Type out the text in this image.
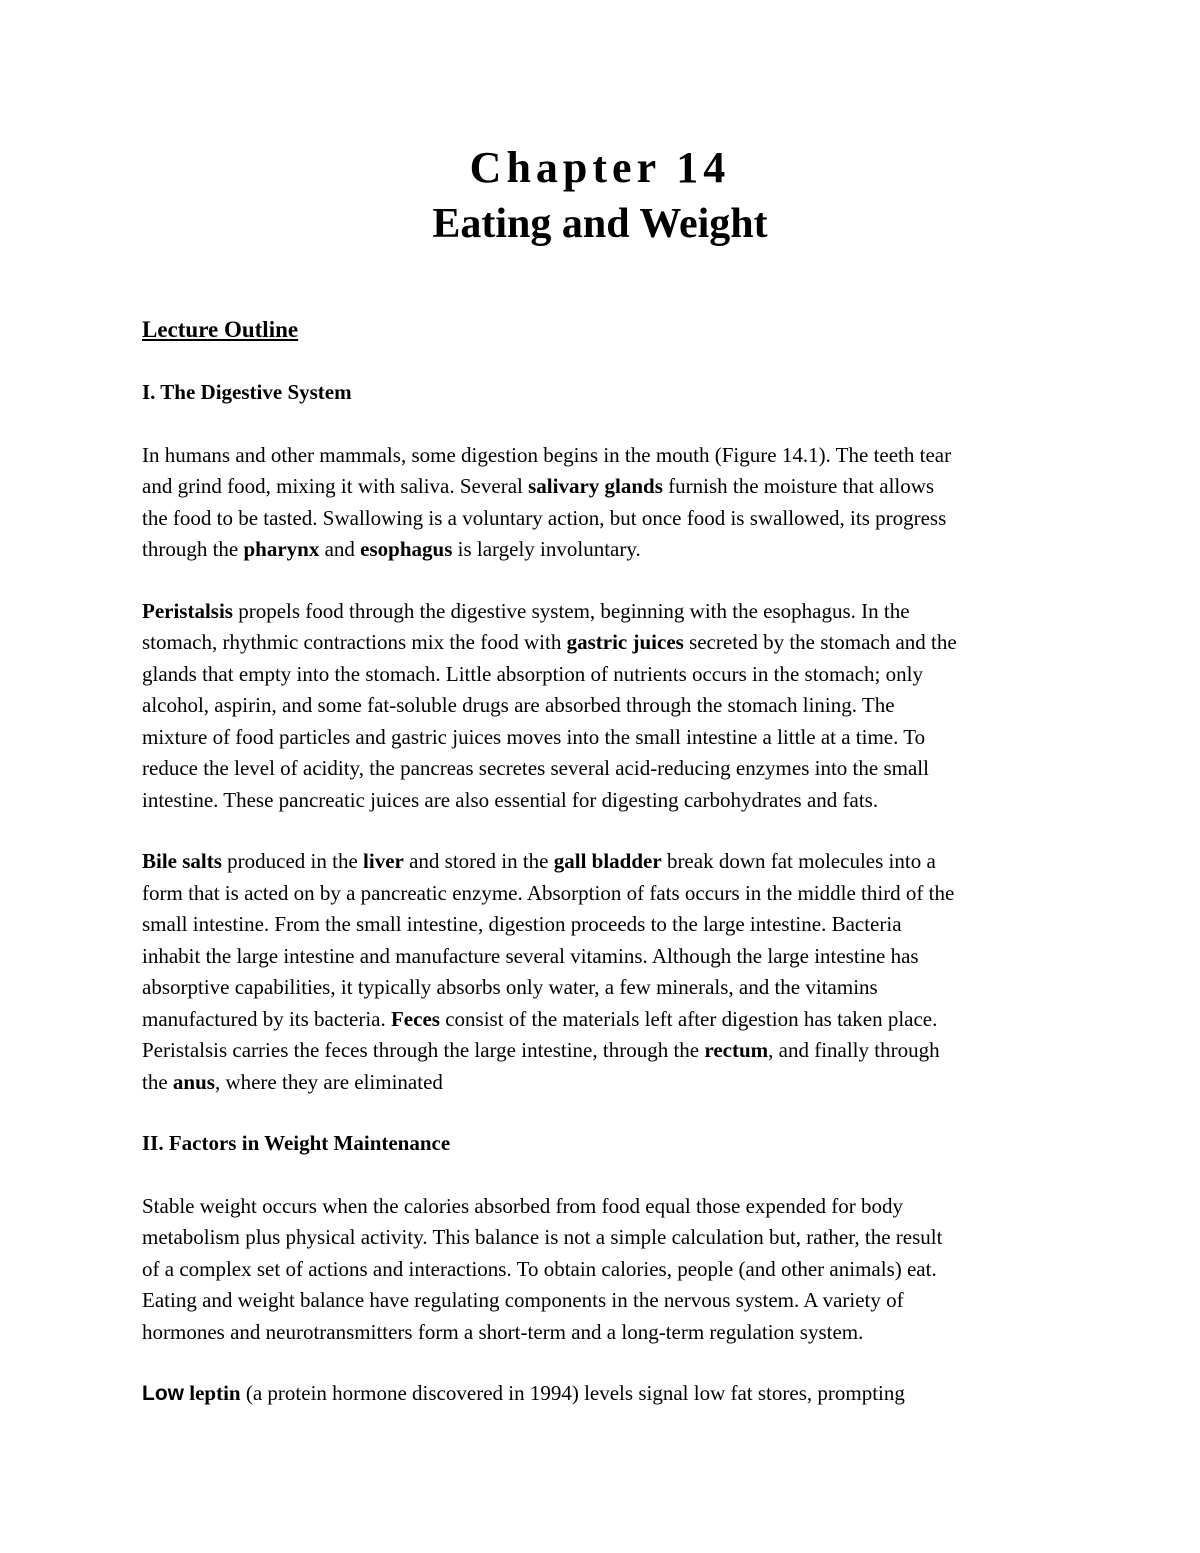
Chapter 14

Eating and Weight

Lecture Outline

I. The Digestive System

In humans and other mammals, some digestion begins in the mouth (Figure 14.1). The teeth tear
and grind food, mixing it with saliva. Several salivary glands furnish the moisture that allows
the food to be tasted. Swallowing is a voluntary action, but once food is swallowed, its progress
through the pharynx and esophagus is largely involuntary.

Peristalsis propels food through the digestive system, beginning with the esophagus. In the
stomach, rhythmic contractions mix the food with gastric juices secreted by the stomach and the
glands that empty into the stomach. Little absorption of nutrients occurs in the stomach; only
alcohol, aspirin, and some fat-soluble drugs are absorbed through the stomach lining. The
mixture of food particles and gastric juices moves into the small intestine a little at a time. To
reduce the level of acidity, the pancreas secretes several acid-reducing enzymes into the small
intestine. These pancreatic juices are also essential for digesting carbohydrates and fats.

Bile salts produced in the liver and stored in the gall bladder break down fat molecules into a
form that is acted on by a pancreatic enzyme. Absorption of fats occurs in the middle third of the
small intestine. From the small intestine, digestion proceeds to the large intestine. Bacteria
inhabit the large intestine and manufacture several vitamins. Although the large intestine has
absorptive capabilities, it typically absorbs only water, a few minerals, and the vitamins
manufactured by its bacteria. Feces consist of the materials left after digestion has taken place.
Peristalsis carries the feces through the large intestine, through the rectum, and finally through
the anus, where they are eliminated

II. Factors in Weight Maintenance

Stable weight occurs when the calories absorbed from food equal those expended for body
metabolism plus physical activity. This balance is not a simple calculation but, rather, the result
of a complex set of actions and interactions. To obtain calories, people (and other animals) eat.
Eating and weight balance have regulating components in the nervous system. A variety of
hormones and neurotransmitters form a short-term and a long-term regulation system.

Low leptin (a protein hormone discovered in 1994) levels signal low fat stores, prompting
